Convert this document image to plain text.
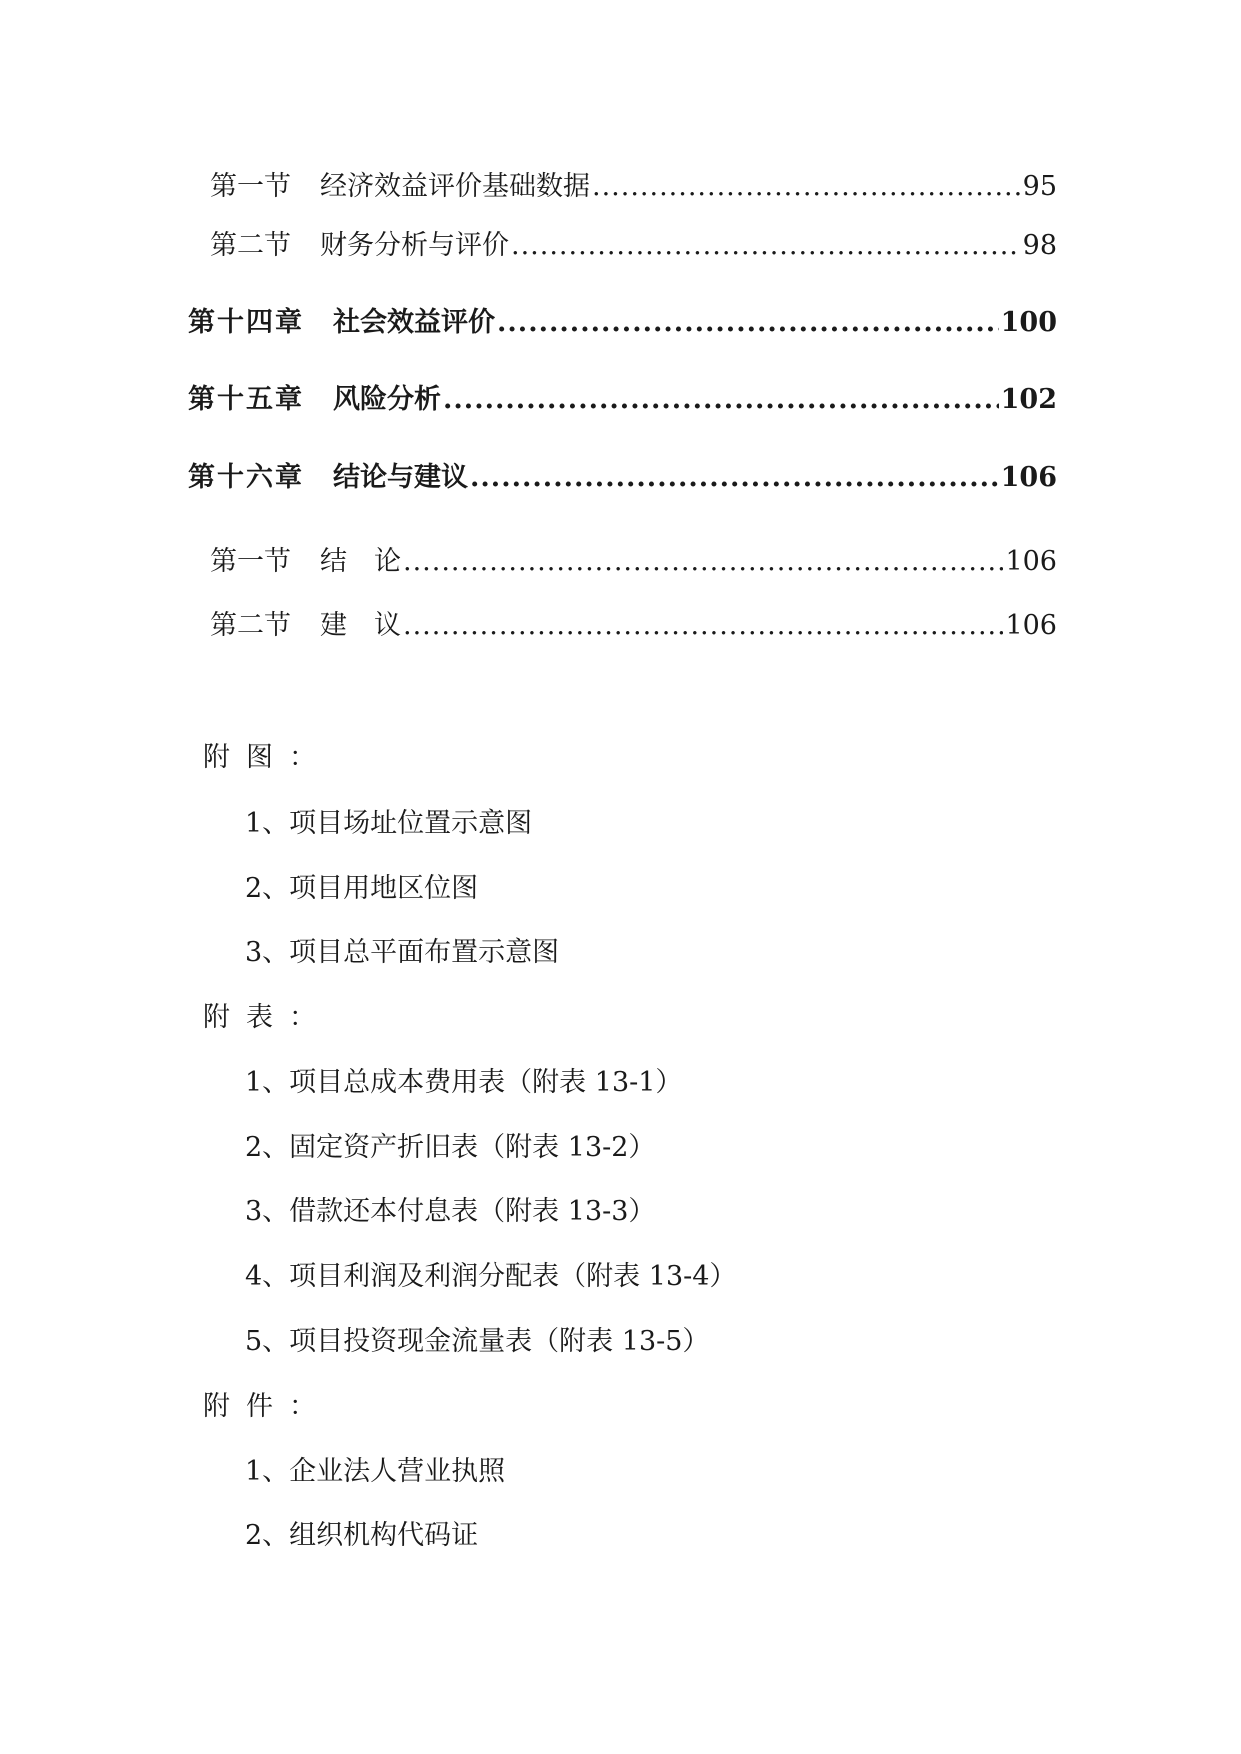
第一节 经济效益评价基础数据 .....	95
第二节 财务分析与评价 .....	98
第十四章 社会效益评价 .....	100
第十五章 风险分析 .....	102
第十六章 结论与建议 .....	106
第一节 结　论 .....	106
第二节 建　议 .....	106
附图：
1、项目场址位置示意图
2、项目用地区位图
3、项目总平面布置示意图
附表：
1、项目总成本费用表（附表 13-1）
2、固定资产折旧表（附表 13-2）
3、借款还本付息表（附表 13-3）
4、项目利润及利润分配表（附表 13-4）
5、项目投资现金流量表（附表 13-5）
附件：
1、企业法人营业执照
2、组织机构代码证
